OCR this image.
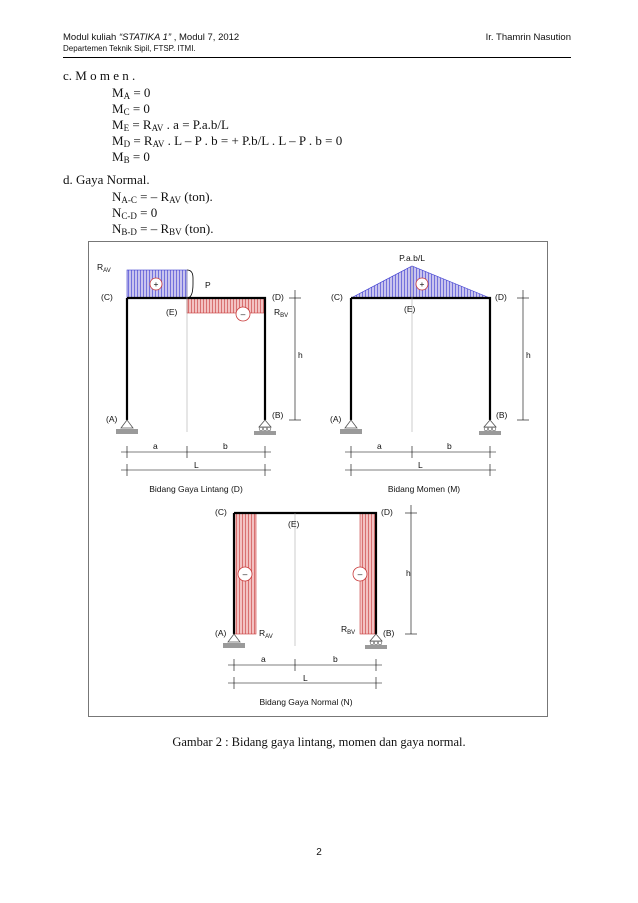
Modul kuliah “STATIKA 1” , Modul 7, 2012
Departemen Teknik Sipil, FTSP. ITMI.
Ir. Thamrin Nasution
c. M o m e n .
$M_A = 0$
$M_C = 0$
$M_E = R_{AV}$ . a = P.a.b/L
$M_D = R_{AV}$ . L – P . b = + P.b/L . L – P . b = 0
$M_B = 0$
d. Gaya Normal.
$N_{A-C}$ = – $R_{AV}$ (ton).
$N_{C-D} = 0$
$N_{B-D}$ = – $R_{BV}$ (ton).
+
–
$R_{AV}$
P
(C)	(D)
(E)	$R_{BV}$
h
(A)	(B)
a	b
L
Bidang Gaya Lintang (D)
+
P.a.b/L
(C)	(D)
(E)
h
(A)	(B)
a	b
L
Bidang Momen (M)
–	–
(C)	(D)
(E)
h
(A)	$R_{AV}$
$R_{BV}$	(B)
a	b
L
Bidang Gaya Normal (N)
Gambar 2 : Bidang gaya lintang, momen dan gaya normal.
2
